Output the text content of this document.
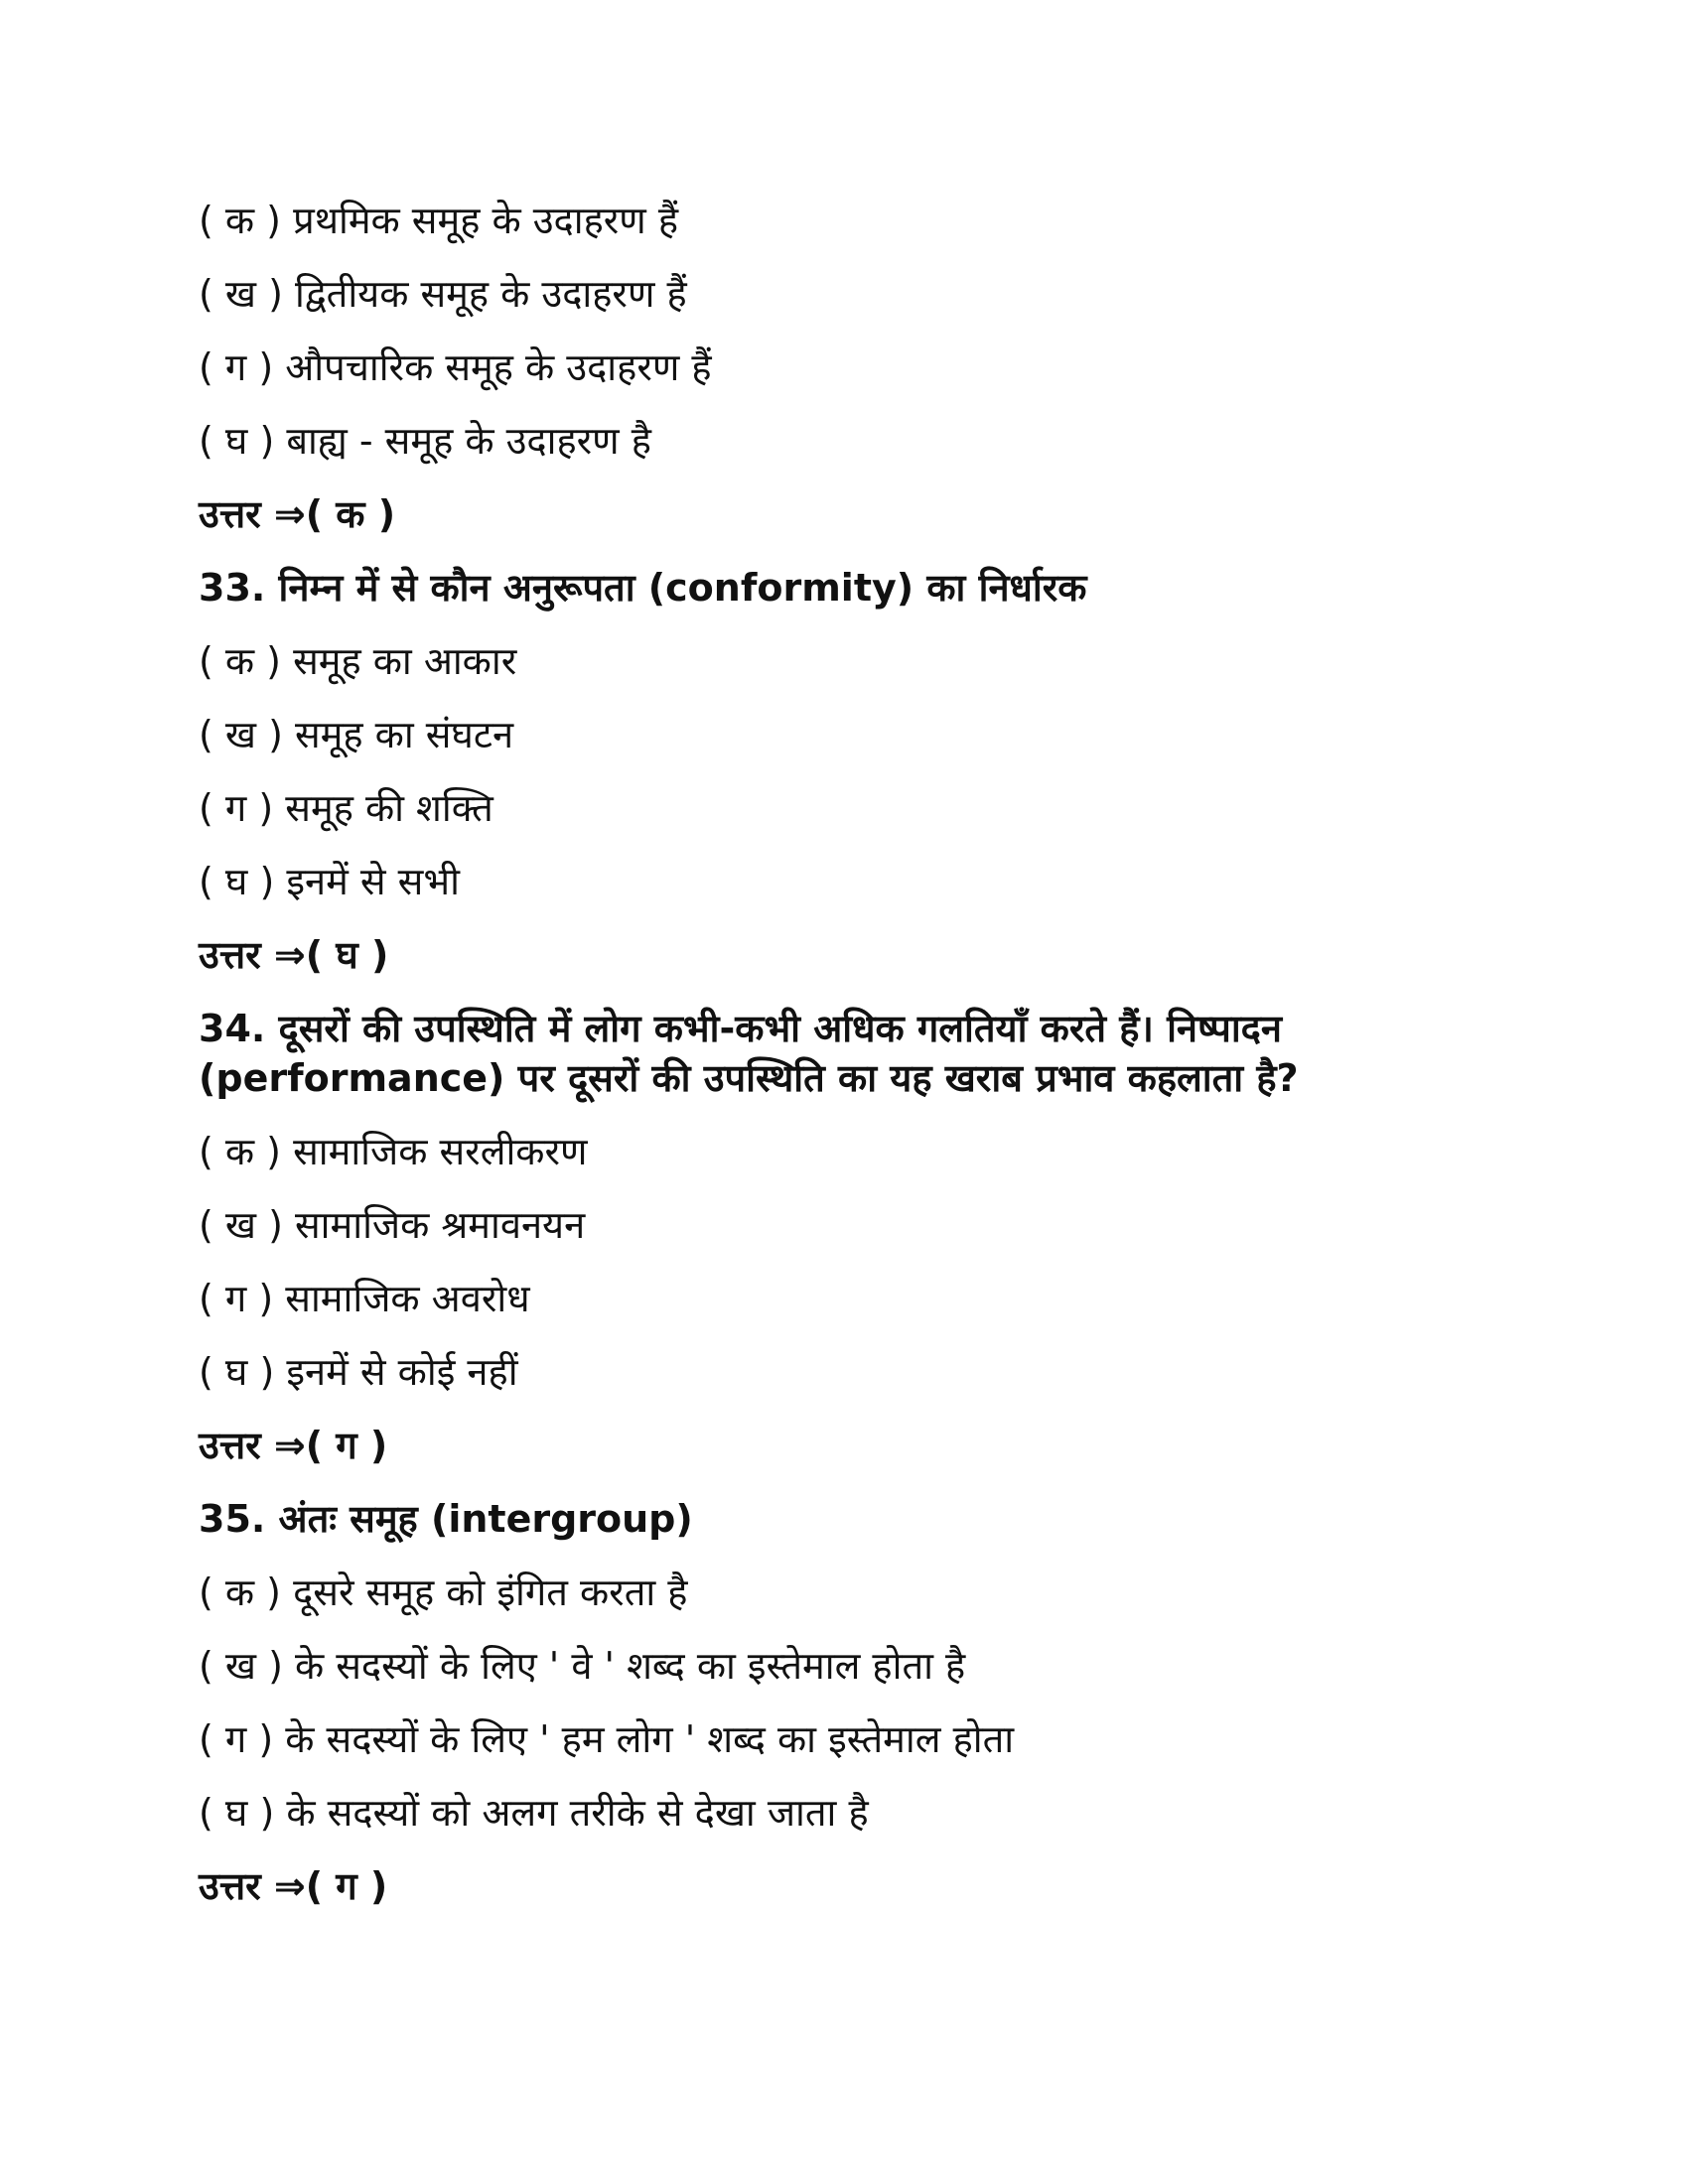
( क ) प्रथमिक समूह के उदाहरण हैं
( ख ) द्वितीयक समूह के उदाहरण हैं
( ग ) औपचारिक समूह के उदाहरण हैं
( घ ) बाह्य - समूह के उदाहरण है
उत्तर ⇒( क )
33. निम्न में से कौन अनुरूपता (conformity) का निर्धारक
( क ) समूह का आकार
( ख ) समूह का संघटन
( ग ) समूह की शक्ति
( घ ) इनमें से सभी
उत्तर ⇒( घ )
34. दूसरों की उपस्थिति में लोग कभी-कभी अधिक गलतियाँ करते हैं। निष्पादन
(performance) पर दूसरों की उपस्थिति का यह खराब प्रभाव कहलाता है?
( क ) सामाजिक सरलीकरण
( ख ) सामाजिक श्रमावनयन
( ग ) सामाजिक अवरोध
( घ ) इनमें से कोई नहीं
उत्तर ⇒( ग )
35. अंतः समूह (intergroup)
( क ) दूसरे समूह को इंगित करता है
( ख ) के सदस्यों के लिए ' वे ' शब्द का इस्तेमाल होता है
( ग ) के सदस्यों के लिए ' हम लोग ' शब्द का इस्तेमाल होता
( घ ) के सदस्यों को अलग तरीके से देखा जाता है
उत्तर ⇒( ग )
